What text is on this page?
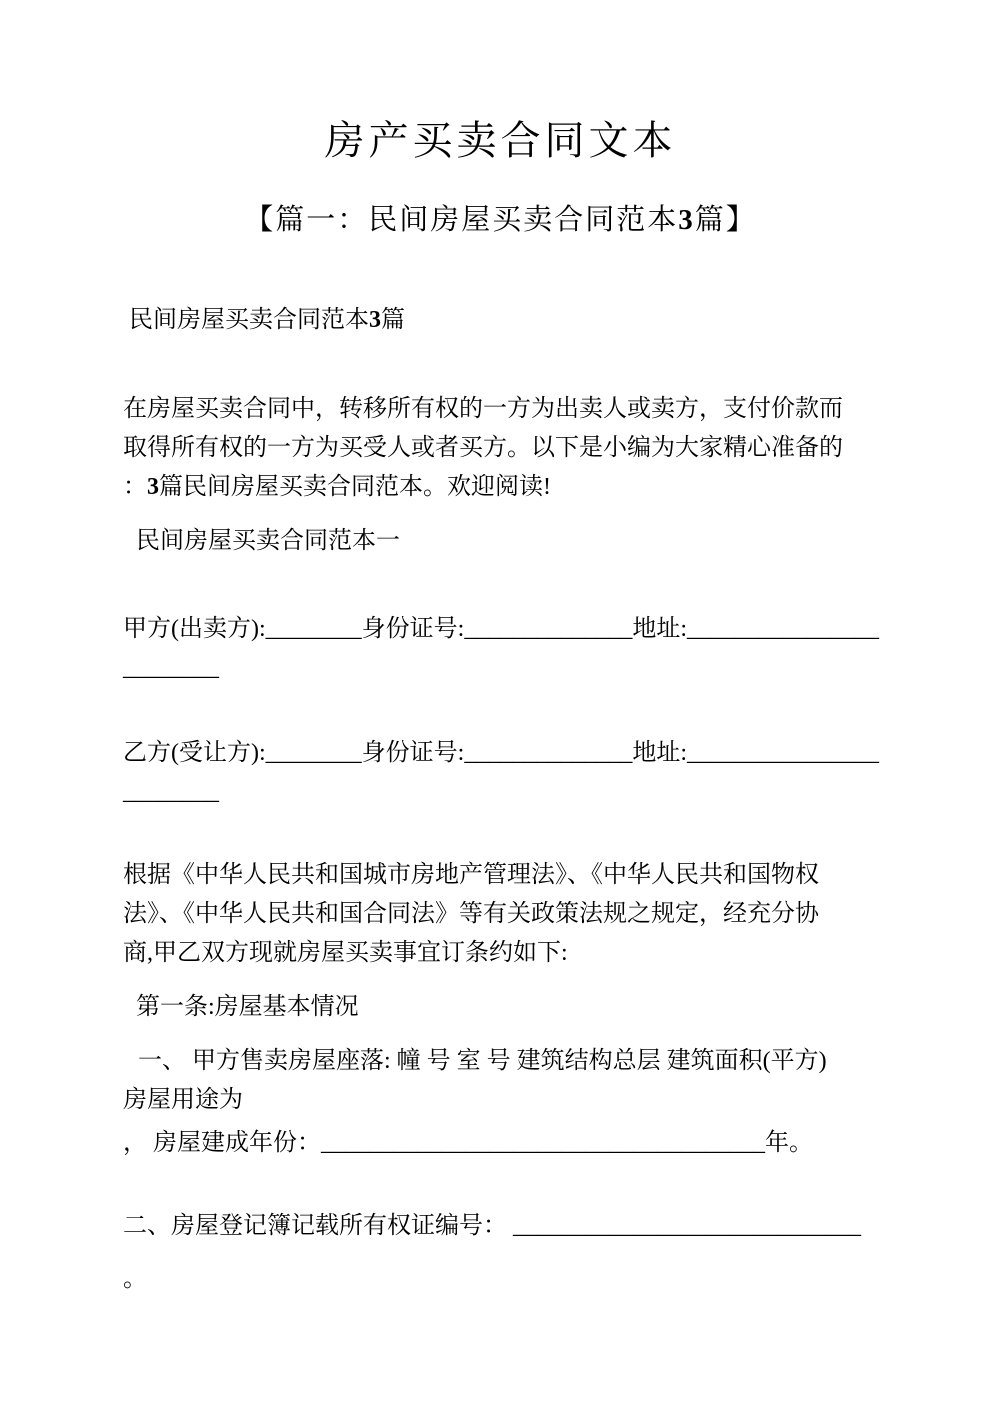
房产买卖合同文本
【篇一：民间房屋买卖合同范本3篇】
民间房屋买卖合同范本3篇
在房屋买卖合同中，转移所有权的一方为出卖人或卖方，支付价款而
取得所有权的一方为买受人或者买方。以下是小编为大家精心准备的
：3篇民间房屋买卖合同范本。欢迎阅读!
民间房屋买卖合同范本一
甲方(出卖方):________身份证号:______________地址:________________
________
乙方(受让方):________身份证号:______________地址:________________
________
根据《中华人民共和国城市房地产管理法》、《中华人民共和国物权
法》、《中华人民共和国合同法》等有关政策法规之规定，经充分协
商,甲乙双方现就房屋买卖事宜订条约如下:
第一条:房屋基本情况
一、 甲方售卖房屋座落: 幢 号 室 号 建筑结构总层 建筑面积(平方)
房屋用途为
， 房屋建成年份：_____________________________________年。
二、房屋登记簿记载所有权证编号： _____________________________
。
